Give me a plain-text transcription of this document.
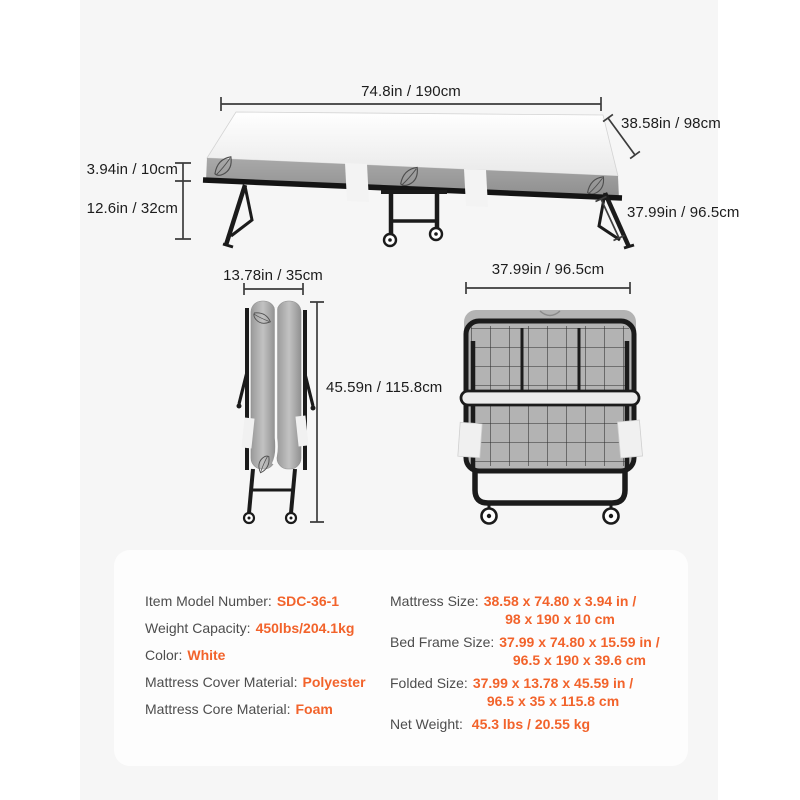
74.8in / 190cm
38.58in / 98cm
3.94in / 10cm
12.6in / 32cm	37.99in / 96.5cm
13.78in / 35cm
45.59n / 115.8cm
37.99in / 96.5cm
Item Model Number: SDC-36-1
Weight Capacity: 450lbs/204.1kg
Color: White
Mattress Cover Material: Polyester
Mattress Core Material: Foam
Mattress Size: 38.58 x 74.80 x 3.94 in /
98 x 190 x 10 cm
Bed Frame Size: 37.99 x 74.80 x 15.59 in /
96.5 x 190 x 39.6 cm
Folded Size: 37.99 x 13.78 x 45.59 in /
96.5 x 35 x 115.8 cm
Net Weight: 45.3 lbs / 20.55 kg
